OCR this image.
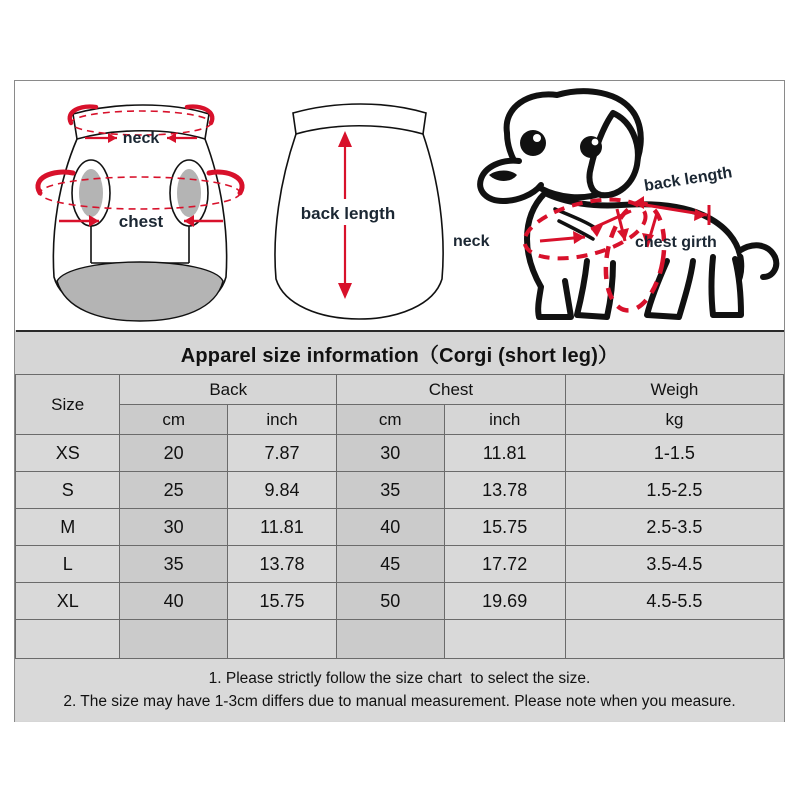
neck
chest	back length
neck
back length
chest girth
Apparel size information（Corgi (short leg)）					
Size	Back		Chest		Weigh
	cm	inch	cm	inch	kg
XS	20	7.87	30	11.81	1-1.5
S	25	9.84	35	13.78	1.5-2.5
M	30	11.81	40	15.75	2.5-3.5
L	35	13.78	45	17.72	3.5-4.5
XL	40	15.75	50	19.69	4.5-5.5

1. Please strictly follow the size chart  to select the size.
2. The size may have 1-3cm differs due to manual measurement. Please note when you measure.					
